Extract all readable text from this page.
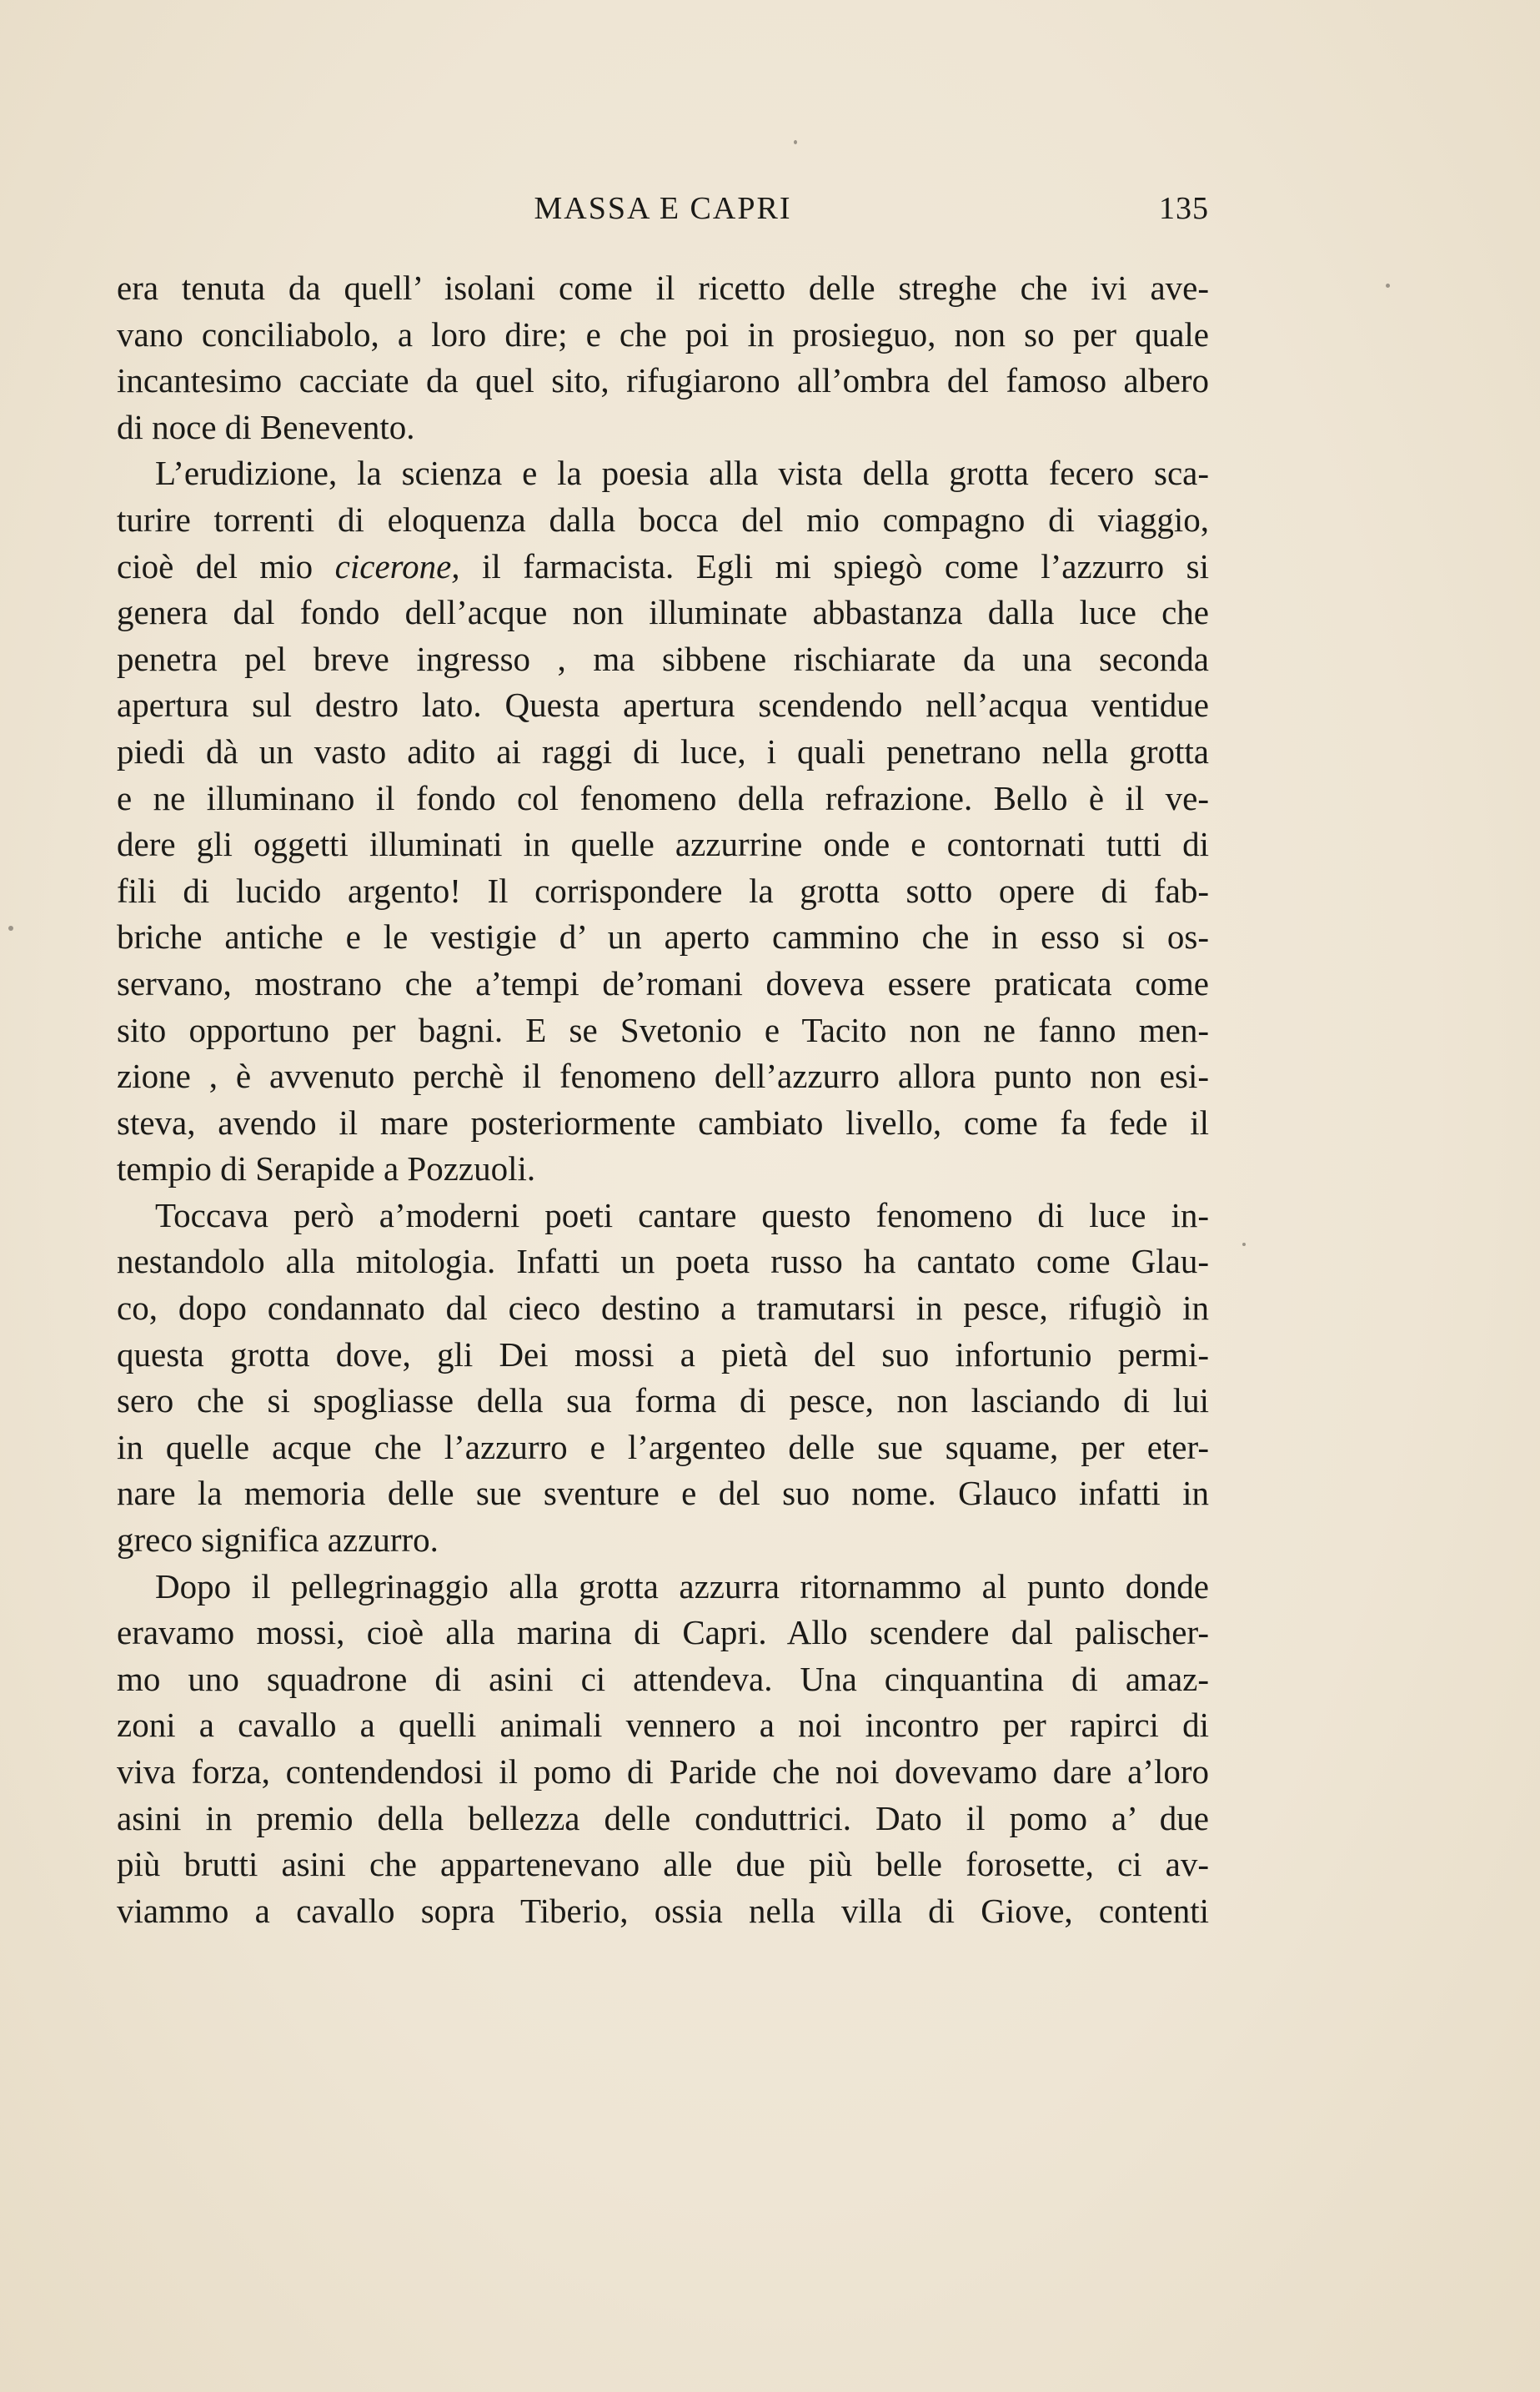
MASSA E CAPRI	135

era tenuta da quell’ isolani come il ricetto delle streghe che ivi ave-
vano conciliabolo, a loro dire; e che poi in prosieguo, non so per quale
incantesimo cacciate da quel sito, rifugiarono all’ombra del famoso albero
di noce di Benevento.

L’erudizione, la scienza e la poesia alla vista della grotta fecero sca-
turire torrenti di eloquenza dalla bocca del mio compagno di viaggio,
cioè del mio cicerone, il farmacista. Egli mi spiegò come l’azzurro si
genera dal fondo dell’acque non illuminate abbastanza dalla luce che
penetra pel breve ingresso , ma sibbene rischiarate da una seconda
apertura sul destro lato. Questa apertura scendendo nell’acqua ventidue
piedi dà un vasto adito ai raggi di luce, i quali penetrano nella grotta
e ne illuminano il fondo col fenomeno della refrazione. Bello è il ve-
dere gli oggetti illuminati in quelle azzurrine onde e contornati tutti di
fili di lucido argento! Il corrispondere la grotta sotto opere di fab-
briche antiche e le vestigie d’ un aperto cammino che in esso si os-
servano, mostrano che a’tempi de’romani doveva essere praticata come
sito opportuno per bagni. E se Svetonio e Tacito non ne fanno men-
zione , è avvenuto perchè il fenomeno dell’azzurro allora punto non esi-
steva, avendo il mare posteriormente cambiato livello, come fa fede il
tempio di Serapide a Pozzuoli.

Toccava però a’moderni poeti cantare questo fenomeno di luce in-
nestandolo alla mitologia. Infatti un poeta russo ha cantato come Glau-
co, dopo condannato dal cieco destino a tramutarsi in pesce, rifugiò in
questa grotta dove, gli Dei mossi a pietà del suo infortunio permi-
sero che si spogliasse della sua forma di pesce, non lasciando di lui
in quelle acque che l’azzurro e l’argenteo delle sue squame, per eter-
nare la memoria delle sue sventure e del suo nome. Glauco infatti in
greco significa azzurro.

Dopo il pellegrinaggio alla grotta azzurra ritornammo al punto donde
eravamo mossi, cioè alla marina di Capri. Allo scendere dal palischer-
mo uno squadrone di asini ci attendeva. Una cinquantina di amaz-
zoni a cavallo a quelli animali vennero a noi incontro per rapirci di
viva forza, contendendosi il pomo di Paride che noi dovevamo dare a’loro
asini in premio della bellezza delle conduttrici. Dato il pomo a’ due
più brutti asini che appartenevano alle due più belle forosette, ci av-
viammo a cavallo sopra Tiberio, ossia nella villa di Giove, contenti
